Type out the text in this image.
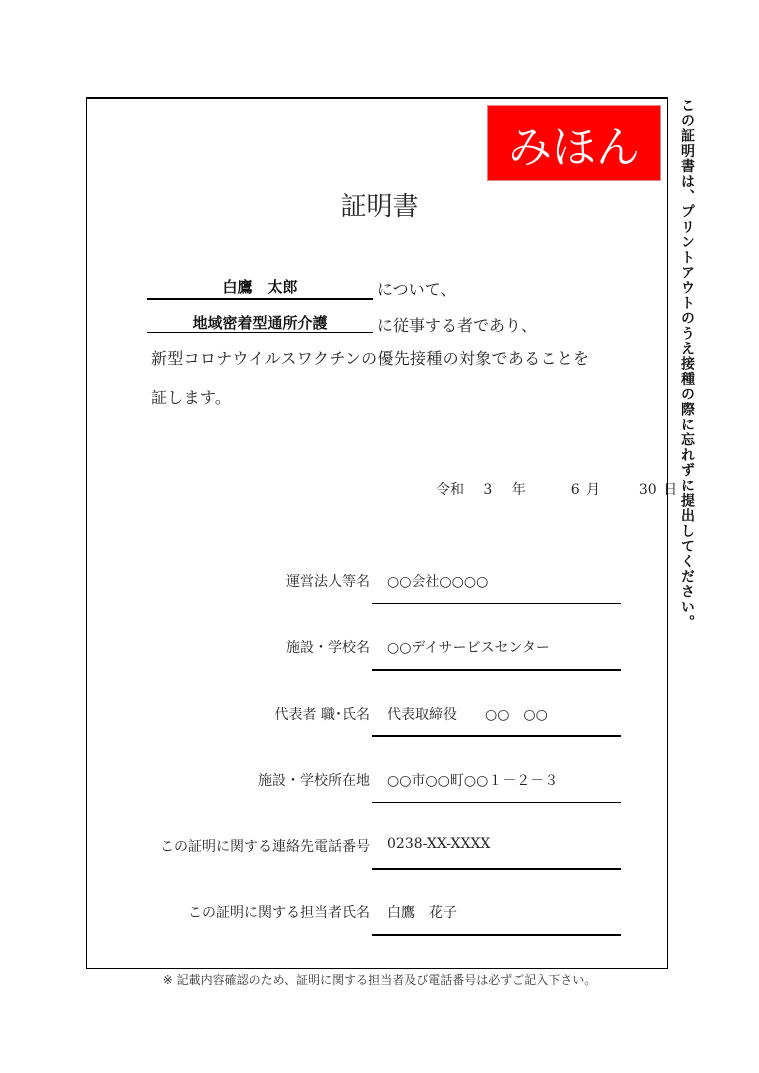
みほん
証明書
白鷹　太郎	について、
地域密着型通所介護	に従事する者であり、
新型コロナウイルスワクチンの優先接種の対象であることを
証します。
令和 3 年	6 月	30 日
運営法人等名 ○○会社○○○○
施設・学校名 ○○デイサービスセンター
代表者 職･氏名 代表取締役　　○○　○○
施設・学校所在地 ○○市○○町○○１－２－３
この証明に関する連絡先電話番号 0238-XX-XXXX
この証明に関する担当者氏名 白鷹　花子
※ 記載内容確認のため、証明に関する担当者及び電話番号は必ずご記入下さい。
この証明書は、プリントアウトのうえ接種の際に忘れずに提出してください。
